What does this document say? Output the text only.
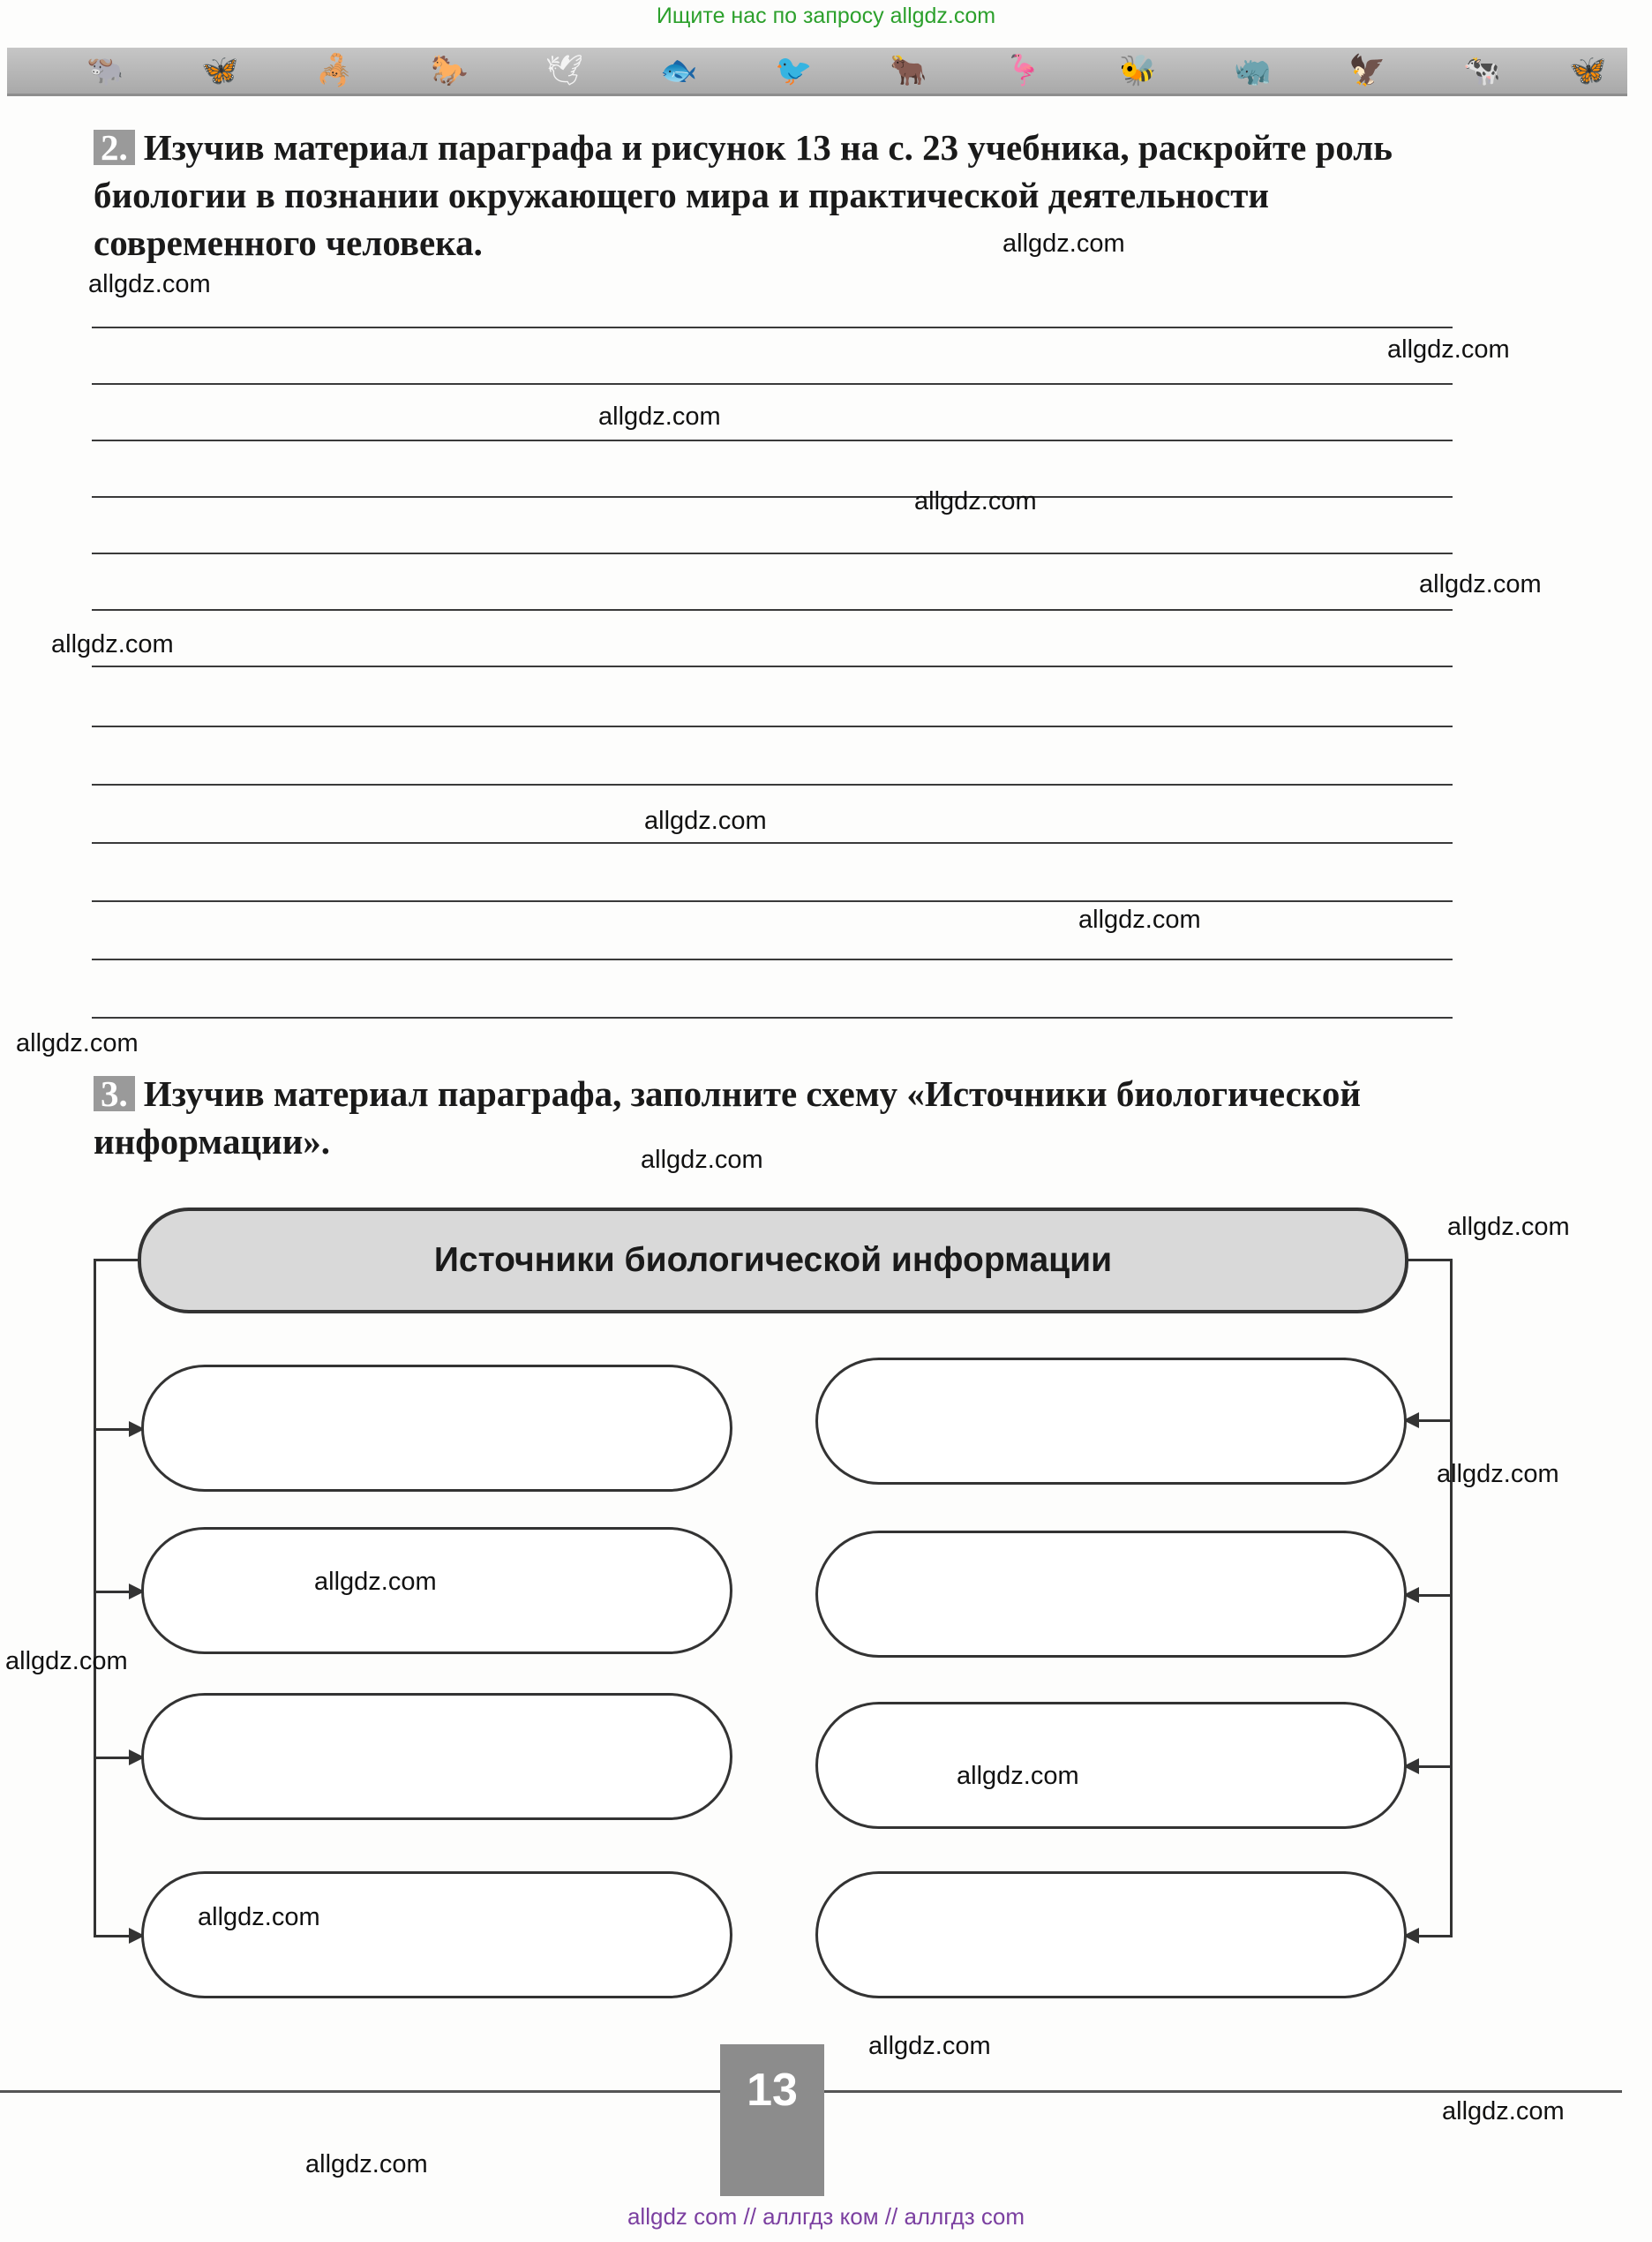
Ищите нас по запросу allgdz.com
🐃	🦋	🦂	🐎	🕊	🐟	🐦	🐂	🦩	🐝	🦏	🦅	🐄 🦋
2. Изучив материал параграфа и рисунок 13 на с. 23 учебника, раскройте роль биологии в познании окружающего мира и практической деятельности современного человека.
3. Изучив материал параграфа, заполните схему «Источники биологической информации».
Источники биологической информации
allgdz.com
allgdz.com
allgdz.com
allgdz.com
allgdz.com
allgdz.com
allgdz.com
allgdz.com
allgdz.com
allgdz.com
allgdz.com
allgdz.com
allgdz.com
allgdz.com
allgdz.com
allgdz.com
allgdz.com
allgdz.com
allgdz.com
allgdz.com
13
allgdz com // аллгдз ком // аллгдз com
